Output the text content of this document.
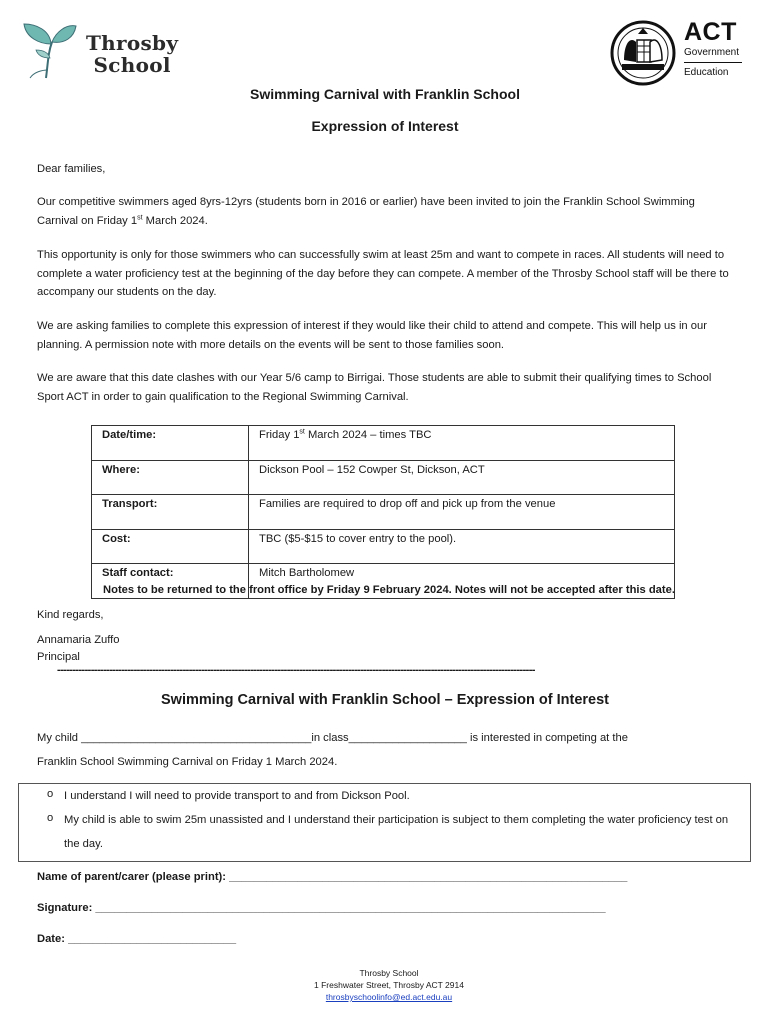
Throsby
School
ACT
Government
Education
Swimming Carnival with Franklin School
Expression of Interest
Dear families,
Our competitive swimmers aged 8yrs-12yrs (students born in 2016 or earlier) have been invited to join the Franklin School Swimming Carnival on Friday 1st March 2024.
This opportunity is only for those swimmers who can successfully swim at least 25m and want to compete in races. All students will need to complete a water proficiency test at the beginning of the day before they can compete. A member of the Throsby School staff will be there to accompany our students on the day.
We are asking families to complete this expression of interest if they would like their child to attend and compete. This will help us in our planning. A permission note with more details on the events will be sent to those families soon.
We are aware that this date clashes with our Year 5/6 camp to Birrigai. Those students are able to submit their qualifying times to School Sport ACT in order to gain qualification to the Regional Swimming Carnival.
Date/time:	Friday 1st March 2024 – times TBC
Where:	Dickson Pool – 152 Cowper St, Dickson, ACT
Transport:	Families are required to drop off and pick up from the venue
Cost:	TBC ($5-$15 to cover entry to the pool).
Staff contact:	Mitch Bartholomew
Notes to be returned to the front office by Friday 9 February 2024. Notes will not be accepted after this date.
Kind regards,
Annamaria Zuffo
Principal
------------------------------------------------------------------------------------------------------------------------------------------------------------
Swimming Carnival with Franklin School – Expression of Interest
My child _____________________________________in class___________________ is interested in competing at the
Franklin School Swimming Carnival on Friday 1 March 2024.
o I understand I will need to provide transport to and from Dickson Pool.
o My child is able to swim 25m unassisted and I understand their participation is subject to them completing the water proficiency test on the day.
Name of parent/carer (please print): ________________________________________________________________
Signature: __________________________________________________________________________________
Date: ___________________________
Throsby School
1 Freshwater Street, Throsby ACT 2914
throsbyschoolinfo@ed.act.edu.au
